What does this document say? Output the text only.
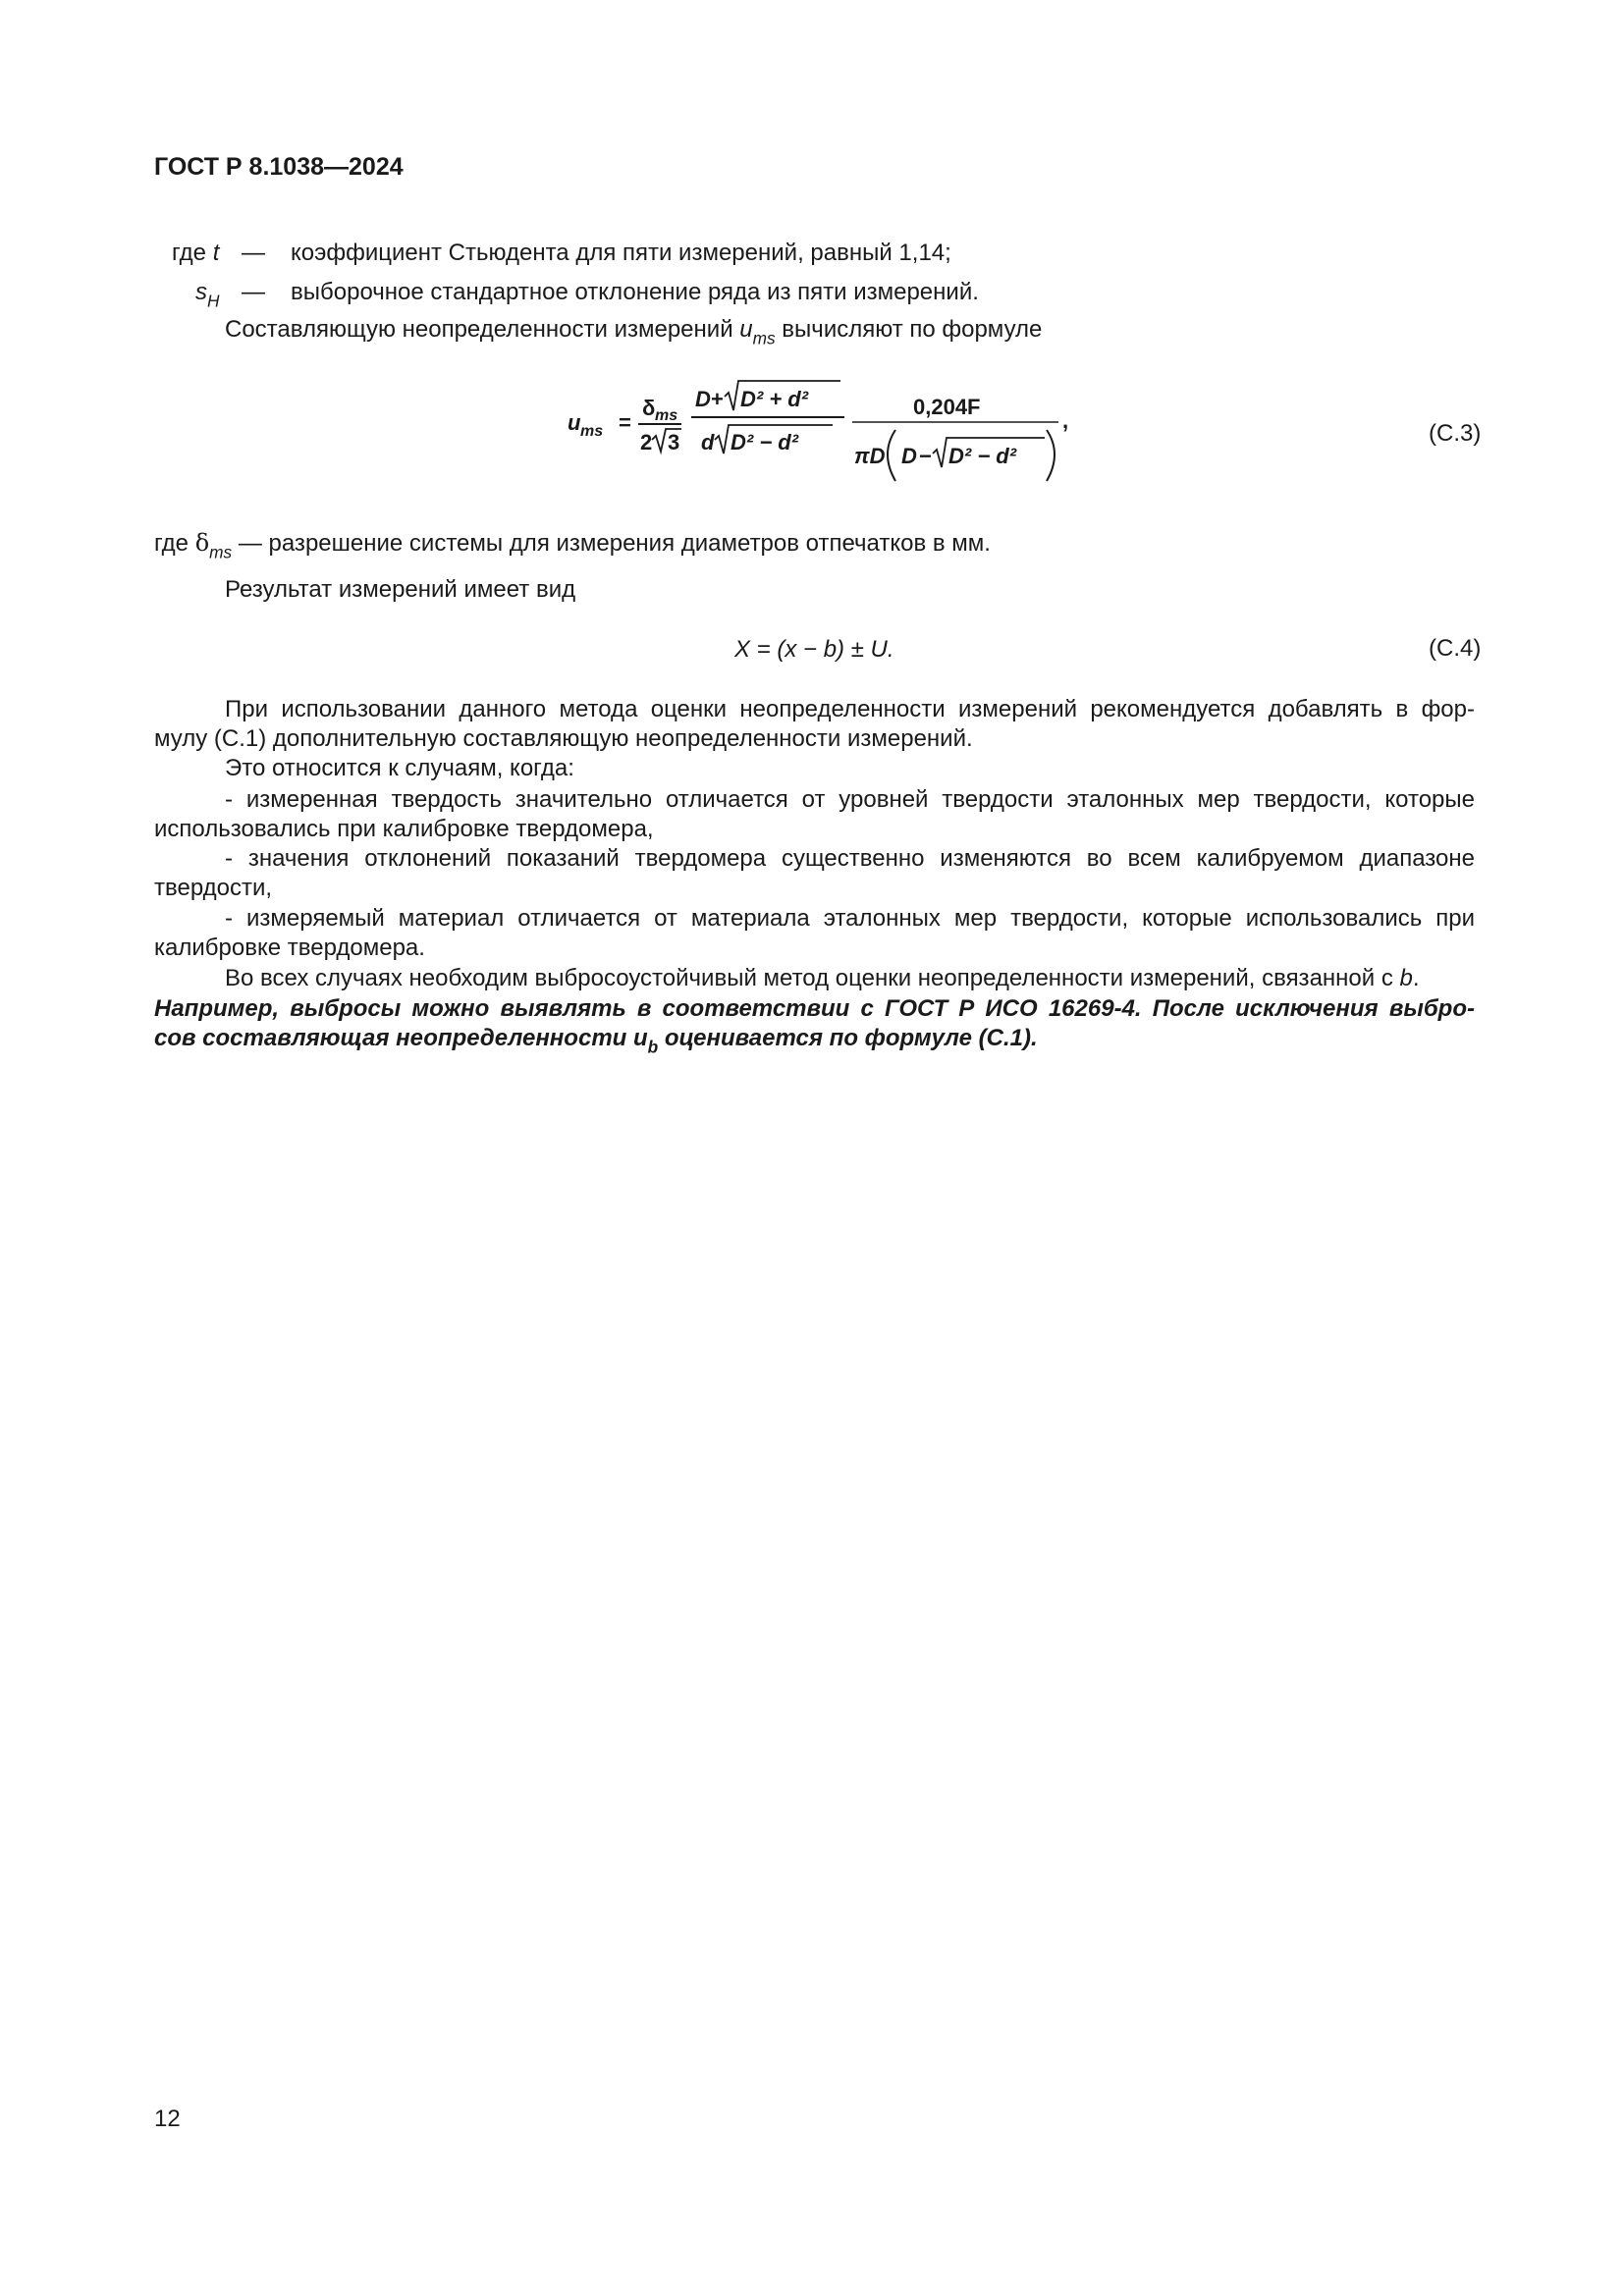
ГОСТ Р 8.1038—2024
где t — коэффициент Стьюдента для пяти измерений, равный 1,14;
$s_H$ — выборочное стандартное отклонение ряда из пяти измерений.
Составляющую неопределенности измерений $u_{ms}$ вычисляют по формуле
u ms =
δ ms
2 3
D + D² + d²
d D² − d²
0,204F
πD D − D² − d²
,	(С.3)
где $\delta_{ms}$ — разрешение системы для измерения диаметров отпечатков в мм.
Результат измерений имеет вид
X = (x − b) ± U.	(С.4)
При использовании данного метода оценки неопределенности измерений рекомендуется добавлять в фор-
мулу (С.1) дополнительную составляющую неопределенности измерений.
Это относится к случаям, когда:
- измеренная твердость значительно отличается от уровней твердости эталонных мер твердости, которые
использовались при калибровке твердомера,
- значения отклонений показаний твердомера существенно изменяются во всем калибруемом диапазоне
твердости,
- измеряемый материал отличается от материала эталонных мер твердости, которые использовались при
калибровке твердомера.
Во всех случаях необходим выбросоустойчивый метод оценки неопределенности измерений, связанной с b.
Например, выбросы можно выявлять в соответствии с ГОСТ Р ИСО 16269-4. После исключения выбро-
сов составляющая неопределенности $u_b$ оценивается по формуле (С.1).
12
